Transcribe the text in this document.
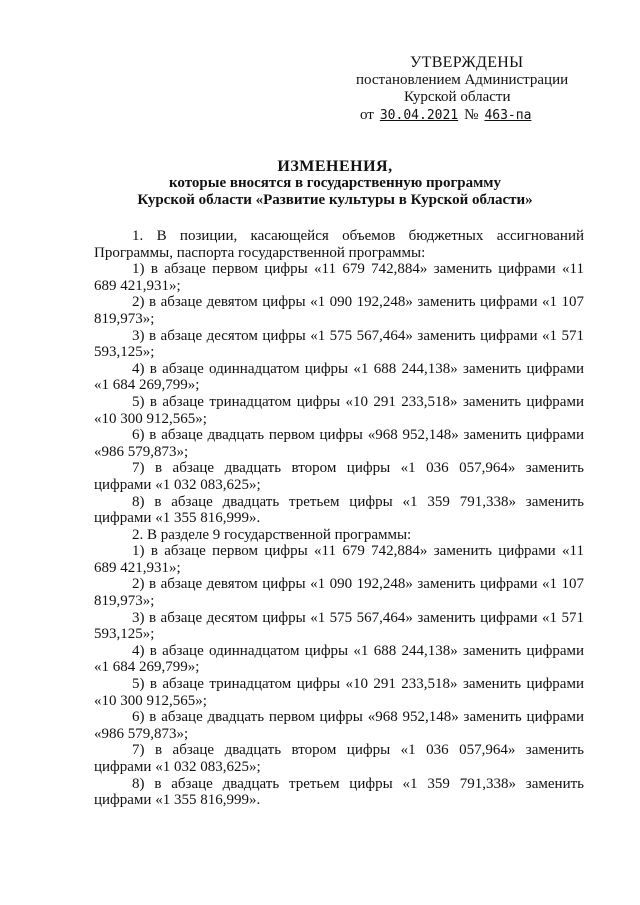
УТВЕРЖДЕНЫ
постановлением Администрации
Курской области
от 30.04.2021 № 463-па
ИЗМЕНЕНИЯ,
которые вносятся в государственную программу
Курской области «Развитие культуры в Курской области»

1. В позиции, касающейся объемов бюджетных ассигнований Программы, паспорта государственной программы:

1) в абзаце первом цифры «11 679 742,884» заменить цифрами «11 689 421,931»;

2) в абзаце девятом цифры «1 090 192,248» заменить цифрами «1 107 819,973»;

3) в абзаце десятом цифры «1 575 567,464» заменить цифрами «1 571 593,125»;

4) в абзаце одиннадцатом цифры «1 688 244,138» заменить цифрами «1 684 269,799»;

5) в абзаце тринадцатом цифры «10 291 233,518» заменить цифрами «10 300 912,565»;

6) в абзаце двадцать первом цифры «968 952,148» заменить цифрами «986 579,873»;

7) в абзаце двадцать втором цифры «1 036 057,964» заменить цифрами «1 032 083,625»;

8) в абзаце двадцать третьем цифры «1 359 791,338» заменить цифрами «1 355 816,999».

2. В разделе 9 государственной программы:

1) в абзаце первом цифры «11 679 742,884» заменить цифрами «11 689 421,931»;

2) в абзаце девятом цифры «1 090 192,248» заменить цифрами «1 107 819,973»;

3) в абзаце десятом цифры «1 575 567,464» заменить цифрами «1 571 593,125»;

4) в абзаце одиннадцатом цифры «1 688 244,138» заменить цифрами «1 684 269,799»;

5) в абзаце тринадцатом цифры «10 291 233,518» заменить цифрами «10 300 912,565»;

6) в абзаце двадцать первом цифры «968 952,148» заменить цифрами «986 579,873»;

7) в абзаце двадцать втором цифры «1 036 057,964» заменить цифрами «1 032 083,625»;

8) в абзаце двадцать третьем цифры «1 359 791,338» заменить цифрами «1 355 816,999».
